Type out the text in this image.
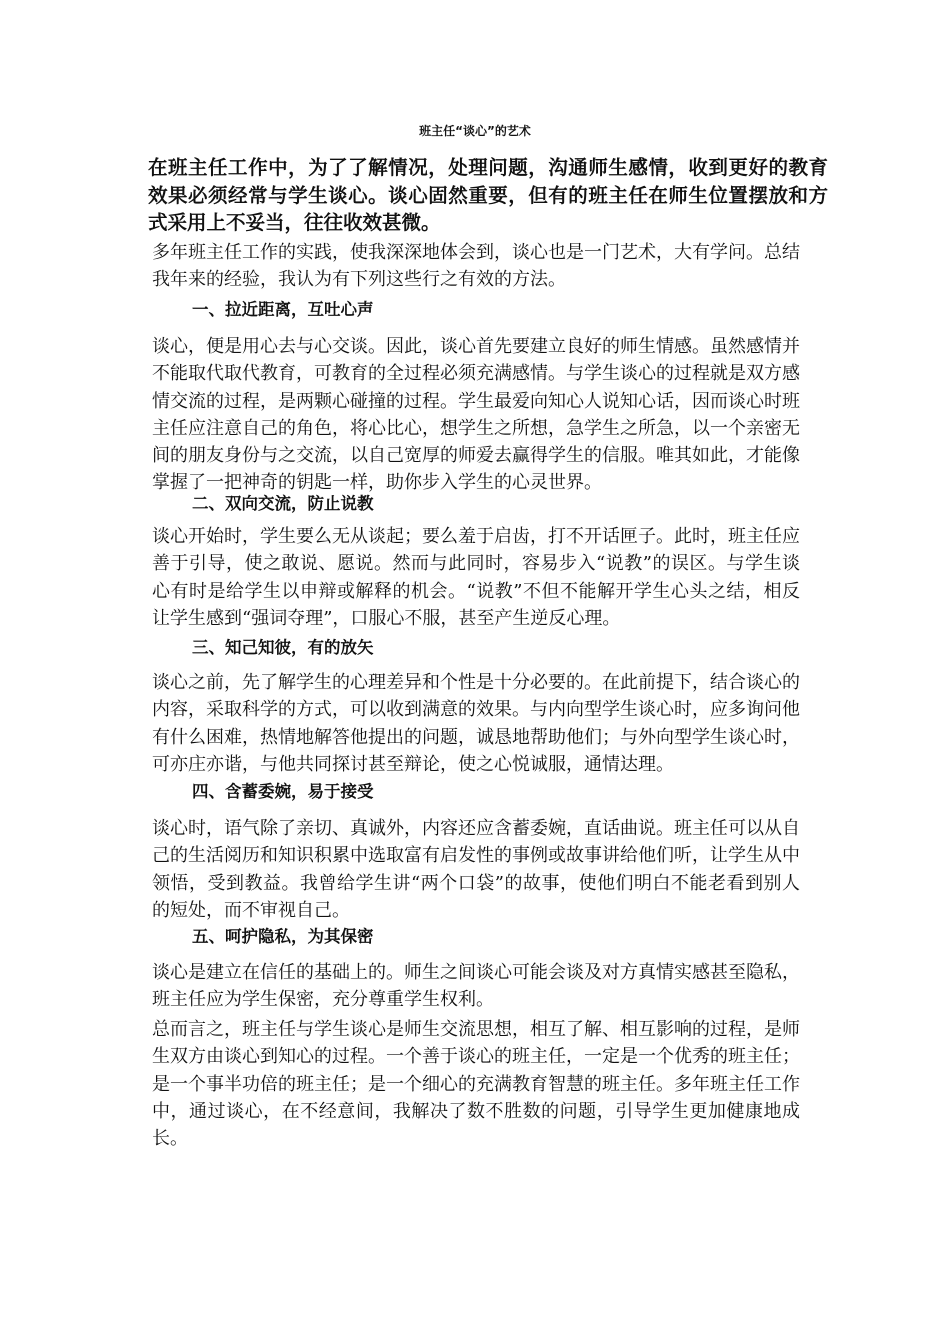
班主任“谈心”的艺术
在班主任工作中，为了了解情况，处理问题，沟通师生感情，收到更好的教育效果必须经常与学生谈心。谈心固然重要，但有的班主任在师生位置摆放和方式采用上不妥当，往往收效甚微。
多年班主任工作的实践，使我深深地体会到，谈心也是一门艺术，大有学问。总结我年来的经验，我认为有下列这些行之有效的方法。
一、拉近距离，互吐心声
谈心，便是用心去与心交谈。因此，谈心首先要建立良好的师生情感。虽然感情并不能取代取代教育，可教育的全过程必须充满感情。与学生谈心的过程就是双方感情交流的过程，是两颗心碰撞的过程。学生最爱向知心人说知心话，因而谈心时班主任应注意自己的角色，将心比心，想学生之所想，急学生之所急，以一个亲密无间的朋友身份与之交流，以自己宽厚的师爱去赢得学生的信服。唯其如此，才能像掌握了一把神奇的钥匙一样，助你步入学生的心灵世界。
二、双向交流，防止说教
谈心开始时，学生要么无从谈起；要么羞于启齿，打不开话匣子。此时，班主任应善于引导，使之敢说、愿说。然而与此同时，容易步入“说教”的误区。与学生谈心有时是给学生以申辩或解释的机会。“说教”不但不能解开学生心头之结，相反让学生感到“强词夺理”，口服心不服，甚至产生逆反心理。
三、知己知彼，有的放矢
谈心之前，先了解学生的心理差异和个性是十分必要的。在此前提下，结合谈心的内容，采取科学的方式，可以收到满意的效果。与内向型学生谈心时，应多询问他有什么困难，热情地解答他提出的问题，诚恳地帮助他们；与外向型学生谈心时，可亦庄亦谐，与他共同探讨甚至辩论，使之心悦诚服，通情达理。
四、含蓄委婉，易于接受
谈心时，语气除了亲切、真诚外，内容还应含蓄委婉，直话曲说。班主任可以从自己的生活阅历和知识积累中选取富有启发性的事例或故事讲给他们听，让学生从中领悟，受到教益。我曾给学生讲“两个口袋”的故事，使他们明白不能老看到别人的短处，而不审视自己。
五、呵护隐私，为其保密
谈心是建立在信任的基础上的。师生之间谈心可能会谈及对方真情实感甚至隐私，班主任应为学生保密，充分尊重学生权利。
总而言之，班主任与学生谈心是师生交流思想，相互了解、相互影响的过程，是师生双方由谈心到知心的过程。一个善于谈心的班主任，一定是一个优秀的班主任；是一个事半功倍的班主任；是一个细心的充满教育智慧的班主任。多年班主任工作中，通过谈心，在不经意间，我解决了数不胜数的问题，引导学生更加健康地成长。
